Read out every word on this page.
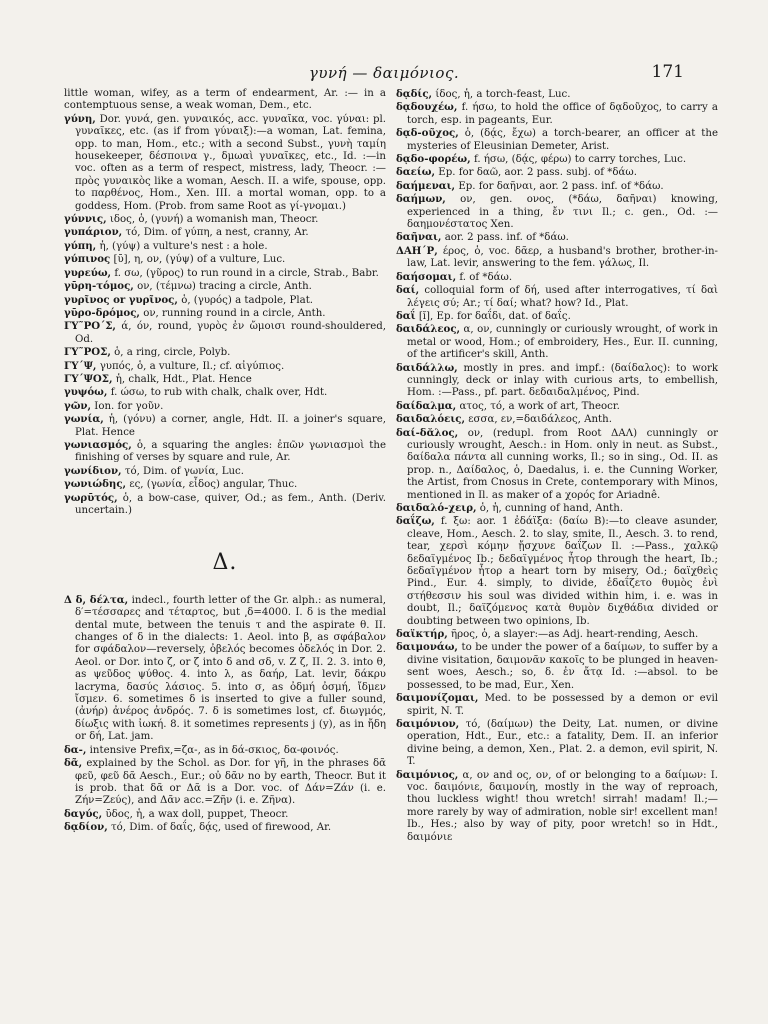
γυνή — δαιμόνιος.	171

little woman, wifey, as a term of endearment, Ar. :— in a contemptuous sense, a weak woman, Dem., etc.

γύνη, Dor. γυνά, gen. γυναικός, acc. γυναῖκα, voc. γύναι: pl. γυναῖκες, etc. (as if from γύναιξ):—a woman, Lat. femina, opp. to man, Hom., etc.; with a second Subst., γυνὴ ταμίη housekeeper, δέσποινα γ., δμωαὶ γυναῖκες, etc., Id. :—in voc. often as a term of respect, mistress, lady, Theocr. :—πρὸς γυναικὸς like a woman, Aesch. II. a wife, spouse, opp. to παρθένος, Hom., Xen. III. a mortal woman, opp. to a goddess, Hom. (Prob. from same Root as γί-γνομαι.)

γύννις, ιδος, ὁ, (γυνή) a womanish man, Theocr.

γυπάριον, τό, Dim. of γύπη, a nest, cranny, Ar.

γύπη, ἡ, (γύψ) a vulture's nest : a hole.

γύπινος [ῡ], η, ον, (γύψ) of a vulture, Luc.

γυρεύω, f. σω, (γῦρος) to run round in a circle, Strab., Babr.

γῡρη-τόμος, ον, (τέμνω) tracing a circle, Anth.

γυρῖνος or γυρῖνος, ὁ, (γυρός) a tadpole, Plat.

γῡρο-δρόμος, ον, running round in a circle, Anth.

ΓΥ῀ΡΟ΄Σ, ά, όν, round, γυρὸς ἐν ὤμοισι round-shouldered, Od.

ΓΥ῀ΡΟΣ, ὁ, a ring, circle, Polyb.

ΓΥ΄Ψ, γυπός, ὁ, a vulture, Il.; cf. αἰγύπιος.

ΓΥ΄ΨΟΣ, ἡ, chalk, Hdt., Plat. Hence

γυψόω, f. ώσω, to rub with chalk, chalk over, Hdt.

γῶν, Ion. for γοῦν.

γωνία, ἡ, (γόνυ) a corner, angle, Hdt. II. a joiner's square, Plat. Hence

γωνιασμός, ὁ, a squaring the angles: ἐπῶν γωνιασμοὶ the finishing of verses by square and rule, Ar.

γωνίδιον, τό, Dim. of γωνία, Luc.

γωνιώδης, ες, (γωνία, εἶδος) angular, Thuc.

γωρῡτός, ὁ, a bow-case, quiver, Od.; as fem., Anth. (Deriv. uncertain.)

Δ.

Δ δ, δέλτα, indecl., fourth letter of the Gr. alph.: as numeral, δ′=τέσσαρες and τέταρτος, but ͵δ=4000. I. δ is the medial dental mute, between the tenuis τ and the aspirate θ. II. changes of δ in the dialects: 1. Aeol. into β, as σφάβαλον for σφάδαλον—reversely, ὀβελός becomes ὀδελός in Dor. 2. Aeol. or Dor. into ζ, or ζ into δ and σδ, v. Z ζ, II. 2. 3. into θ, as ψεῦδος ψύθος. 4. into λ, as δαήρ, Lat. levir, δάκρυ lacryma, δασύς λάσιος. 5. into σ, as ὀδμή ὀσμή, ἴδμεν ἴσμεν. 6. sometimes δ is inserted to give a fuller sound, (ἀνήρ) ἀνέρος ἀνδρός. 7. δ is sometimes lost, cf. διωγμός, δίωξις with ἰωκή. 8. it sometimes represents j (y), as in ἤδη or δή, Lat. jam.

δα-, intensive Prefix,=ζα-, as in δά-σκιος, δα-φοινός.

δᾶ, explained by the Schol. as Dor. for γῆ, in the phrases δᾶ φεῦ, φεῦ δᾶ Aesch., Eur.; οὐ δᾶν no by earth, Theocr. But it is prob. that δᾶ or Δᾶ is a Dor. voc. of Δάν=Ζάν (i. e. Ζήν=Ζεύς), and Δᾶν acc.=Ζῆν (i. e. Ζῆνα).

δαγύς, ῡδος, ἡ, a wax doll, puppet, Theocr.

δᾳδίον, τό, Dim. of δαΐς, δᾴς, used of firewood, Ar.

δᾳδίς, ίδος, ἡ, a torch-feast, Luc.

δᾳδουχέω, f. ήσω, to hold the office of δᾳδοῦχος, to carry a torch, esp. in pageants, Eur.

δᾳδ-οῦχος, ὁ, (δᾴς, ἔχω) a torch-bearer, an officer at the mysteries of Eleusinian Demeter, Arist.

δᾳδο-φορέω, f. ήσω, (δᾴς, φέρω) to carry torches, Luc.

δαείω, Ep. for δαῶ, aor. 2 pass. subj. of *δάω.

δαήμεναι, Ep. for δαῆναι, aor. 2 pass. inf. of *δάω.

δαήμων, ον, gen. ονος, (*δάω, δαῆναι) knowing, experienced in a thing, ἔν τινι Il.; c. gen., Od. :—δαημονέστατος Xen.

δαῆναι, aor. 2 pass. inf. of *δάω.

ΔΑΗ΄Ρ, έρος, ὁ, voc. δᾶερ, a husband's brother, brother-in-law, Lat. levir, answering to the fem. γάλως, Il.

δαήσομαι, f. of *δάω.

δαί, colloquial form of δή, used after interrogatives, τί δαὶ λέγεις σύ; Ar.; τί δαί; what? how? Id., Plat.

δαΐ [ĭ], Ep. for δαΐδι, dat. of δαΐς.

δαιδάλεος, α, ον, cunningly or curiously wrought, of work in metal or wood, Hom.; of embroidery, Hes., Eur. II. cunning, of the artificer's skill, Anth.

δαιδάλλω, mostly in pres. and impf.: (δαίδαλος): to work cunningly, deck or inlay with curious arts, to embellish, Hom. :—Pass., pf. part. δεδαιδαλμένος, Pind.

δαίδαλμα, ατος, τό, a work of art, Theocr.

δαιδαλόεις, εσσα, εν,=δαιδάλεος, Anth.

δαί-δᾰλος, ον, (redupl. from Root ΔΑΛ) cunningly or curiously wrought, Aesch.: in Hom. only in neut. as Subst., δαίδαλα πάντα all cunning works, Il.; so in sing., Od. II. as prop. n., Δαίδαλος, ὁ, Daedalus, i. e. the Cunning Worker, the Artist, from Cnosus in Crete, contemporary with Minos, mentioned in Il. as maker of a χορός for Ariadnê.

δαιδαλό-χειρ, ὁ, ἡ, cunning of hand, Anth.

δαΐζω, f. ξω: aor. 1 ἐδάϊξα: (δαίω B):—to cleave asunder, cleave, Hom., Aesch. 2. to slay, smite, Il., Aesch. 3. to rend, tear, χερσὶ κόμην ᾔσχυνε δαΐζων Il. :—Pass., χαλκῷ δεδαϊγμένος Ib.; δεδαϊγμένος ἦτορ through the heart, Ib.; δεδαϊγμένον ἦτορ a heart torn by misery, Od.; δαϊχθεὶς Pind., Eur. 4. simply, to divide, ἐδαΐζετο θυμὸς ἐνὶ στήθεσσιν his soul was divided within him, i. e. was in doubt, Il.; δαϊζόμενος κατὰ θυμὸν διχθάδια divided or doubting between two opinions, Ib.

δαϊκτήρ, ῆρος, ὁ, a slayer:—as Adj. heart-rending, Aesch.

δαιμονάω, to be under the power of a δαίμων, to suffer by a divine visitation, δαιμονᾶν κακοῖς to be plunged in heaven-sent woes, Aesch.; so, δ. ἐν ἄτᾳ Id. :—absol. to be possessed, to be mad, Eur., Xen.

δαιμονίζομαι, Med. to be possessed by a demon or evil spirit, N. T.

δαιμόνιον, τό, (δαίμων) the Deity, Lat. numen, or divine operation, Hdt., Eur., etc.: a fatality, Dem. II. an inferior divine being, a demon, Xen., Plat. 2. a demon, evil spirit, N. T.

δαιμόνιος, α, ον and ος, ον, of or belonging to a δαίμων: I. voc. δαιμόνιε, δαιμονίη, mostly in the way of reproach, thou luckless wight! thou wretch! sirrah! madam! Il.;—more rarely by way of admiration, noble sir! excellent man! Ib., Hes.; also by way of pity, poor wretch! so in Hdt., δαιμόνιε
